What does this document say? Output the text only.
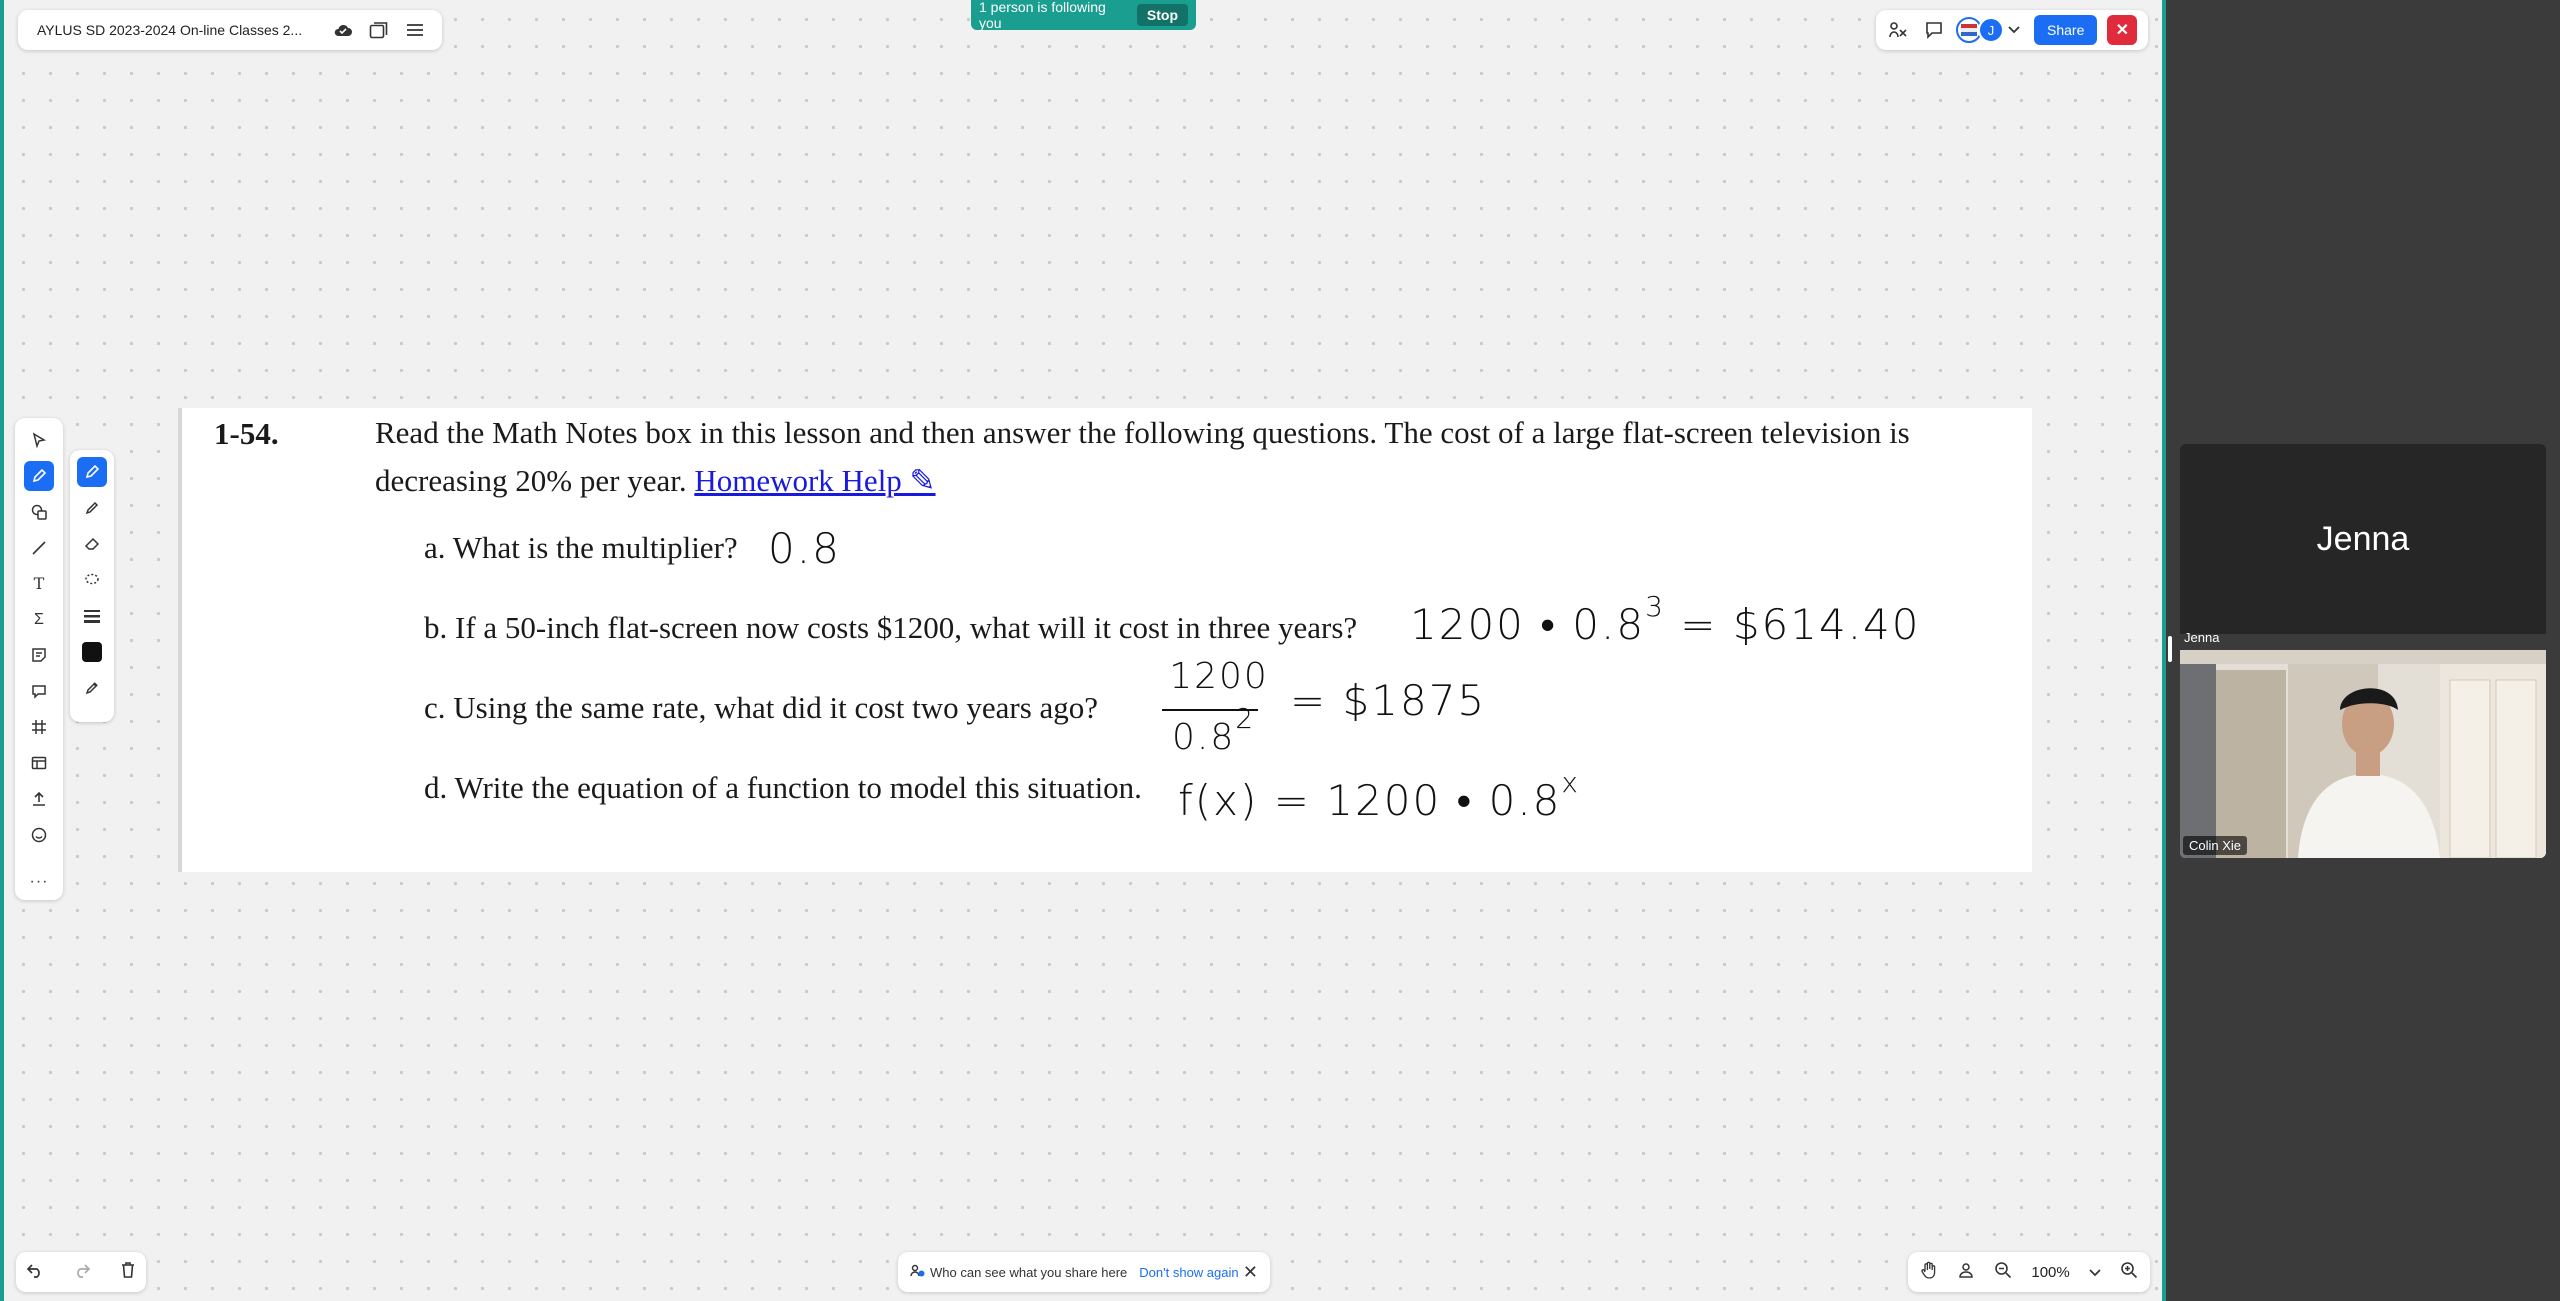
AYLUS SD 2023-2024 On-line Classes 2...
1 person is following you	Stop
J	Share	✕
T
Σ
···
1-54.	Read the Math Notes box in this lesson and then answer the following questions. The cost of a large flat-screen television is decreasing 20% per year. Homework Help ✎
a. What is the multiplier? 0.8
b. If a 50-inch flat-screen now costs $1200, what will it cost in three years? 1200 • $0.8^3$ = $614.40
c. Using the same rate, what did it cost two years ago?
1200
$0.8^2$ = $1875
d. Write the equation of a function to model this situation. f(x) = 1200 • 0.8$^x$
Who can see what you share here Don't show again ✕	100%
Jenna
Jenna
Colin Xie
